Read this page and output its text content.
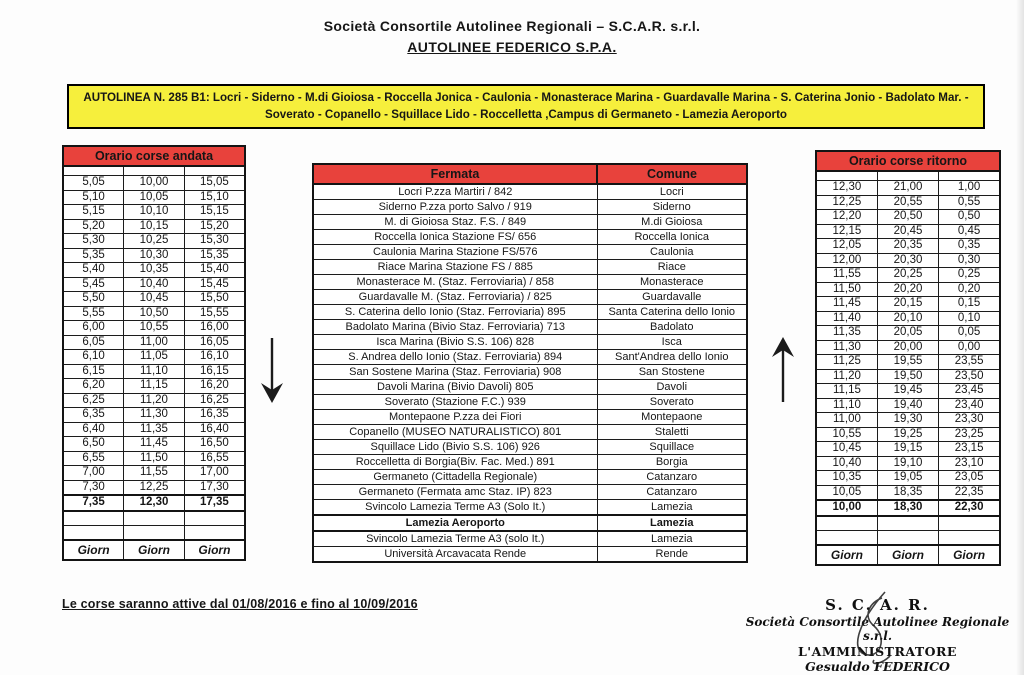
Società Consortile Autolinee Regionali – S.C.A.R. s.r.l.
AUTOLINEE FEDERICO S.P.A.
AUTOLINEA N. 285 B1: Locri - Siderno - M.di Gioiosa - Roccella Jonica - Caulonia - Monasterace Marina - Guardavalle Marina - S. Caterina Jonio - Badolato Mar. -
Soverato - Copanello - Squillace Lido - Roccelletta ,Campus di Germaneto - Lamezia Aeroporto
Orario corse andata		

5,05	10,00	15,05
5,10	10,05	15,10
5,15	10,10	15,15
5,20	10,15	15,20
5,30	10,25	15,30
5,35	10,30	15,35
5,40	10,35	15,40
5,45	10,40	15,45
5,50	10,45	15,50
5,55	10,50	15,55
6,00	10,55	16,00
6,05	11,00	16,05
6,10	11,05	16,10
6,15	11,10	16,15
6,20	11,15	16,20
6,25	11,20	16,25
6,35	11,30	16,35
6,40	11,35	16,40
6,50	11,45	16,50
6,55	11,50	16,55
7,00	11,55	17,00
7,30	12,25	17,30
7,35	12,30	17,35

Giorn	Giorn	Giorn
Fermata	Comune
Locri P.zza Martiri / 842	Locri
Siderno P.zza porto Salvo / 919	Siderno
M. di Gioiosa Staz. F.S. / 849	M.di Gioiosa
Roccella Ionica Stazione FS/ 656	Roccella Ionica
Caulonia Marina Stazione FS/576	Caulonia
Riace Marina Stazione FS / 885	Riace
Monasterace M. (Staz. Ferroviaria) / 858	Monasterace
Guardavalle M. (Staz. Ferroviaria) / 825	Guardavalle
S. Caterina dello Ionio (Staz. Ferroviaria) 895	Santa Caterina dello Ionio
Badolato Marina (Bivio Staz. Ferroviaria) 713	Badolato
Isca Marina (Bivio S.S. 106) 828	Isca
S. Andrea dello Ionio (Staz. Ferroviaria) 894	Sant'Andrea dello Ionio
San Sostene Marina (Staz. Ferroviaria) 908	San Stostene
Davoli Marina (Bivio Davoli) 805	Davoli
Soverato (Stazione F.C.) 939	Soverato
Montepaone P.zza dei Fiori	Montepaone
Copanello (MUSEO NATURALISTICO) 801	Staletti
Squillace Lido (Bivio S.S. 106) 926	Squillace
Roccelletta di Borgia(Biv. Fac. Med.) 891	Borgia
Germaneto (Cittadella Regionale)	Catanzaro
Germaneto (Fermata amc Staz. IP) 823	Catanzaro
Svincolo Lamezia Terme A3 (Solo It.)	Lamezia
Lamezia Aeroporto	Lamezia
Svincolo Lamezia Terme A3 (solo It.)	Lamezia
Università Arcavacata Rende	Rende
Orario corse ritorno		

12,30	21,00	1,00
12,25	20,55	0,55
12,20	20,50	0,50
12,15	20,45	0,45
12,05	20,35	0,35
12,00	20,30	0,30
11,55	20,25	0,25
11,50	20,20	0,20
11,45	20,15	0,15
11,40	20,10	0,10
11,35	20,05	0,05
11,30	20,00	0,00
11,25	19,55	23,55
11,20	19,50	23,50
11,15	19,45	23,45
11,10	19,40	23,40
11,00	19,30	23,30
10,55	19,25	23,25
10,45	19,15	23,15
10,40	19,10	23,10
10,35	19,05	23,05
10,05	18,35	22,35
10,00	18,30	22,30

Giorn	Giorn	Giorn
Le corse saranno attive dal 01/08/2016 e fino al 10/09/2016	S. C. A. R.
Società Consortile Autolinee Regionale s.r.l.
L'AMMINISTRATORE
Gesualdo FEDERICO
